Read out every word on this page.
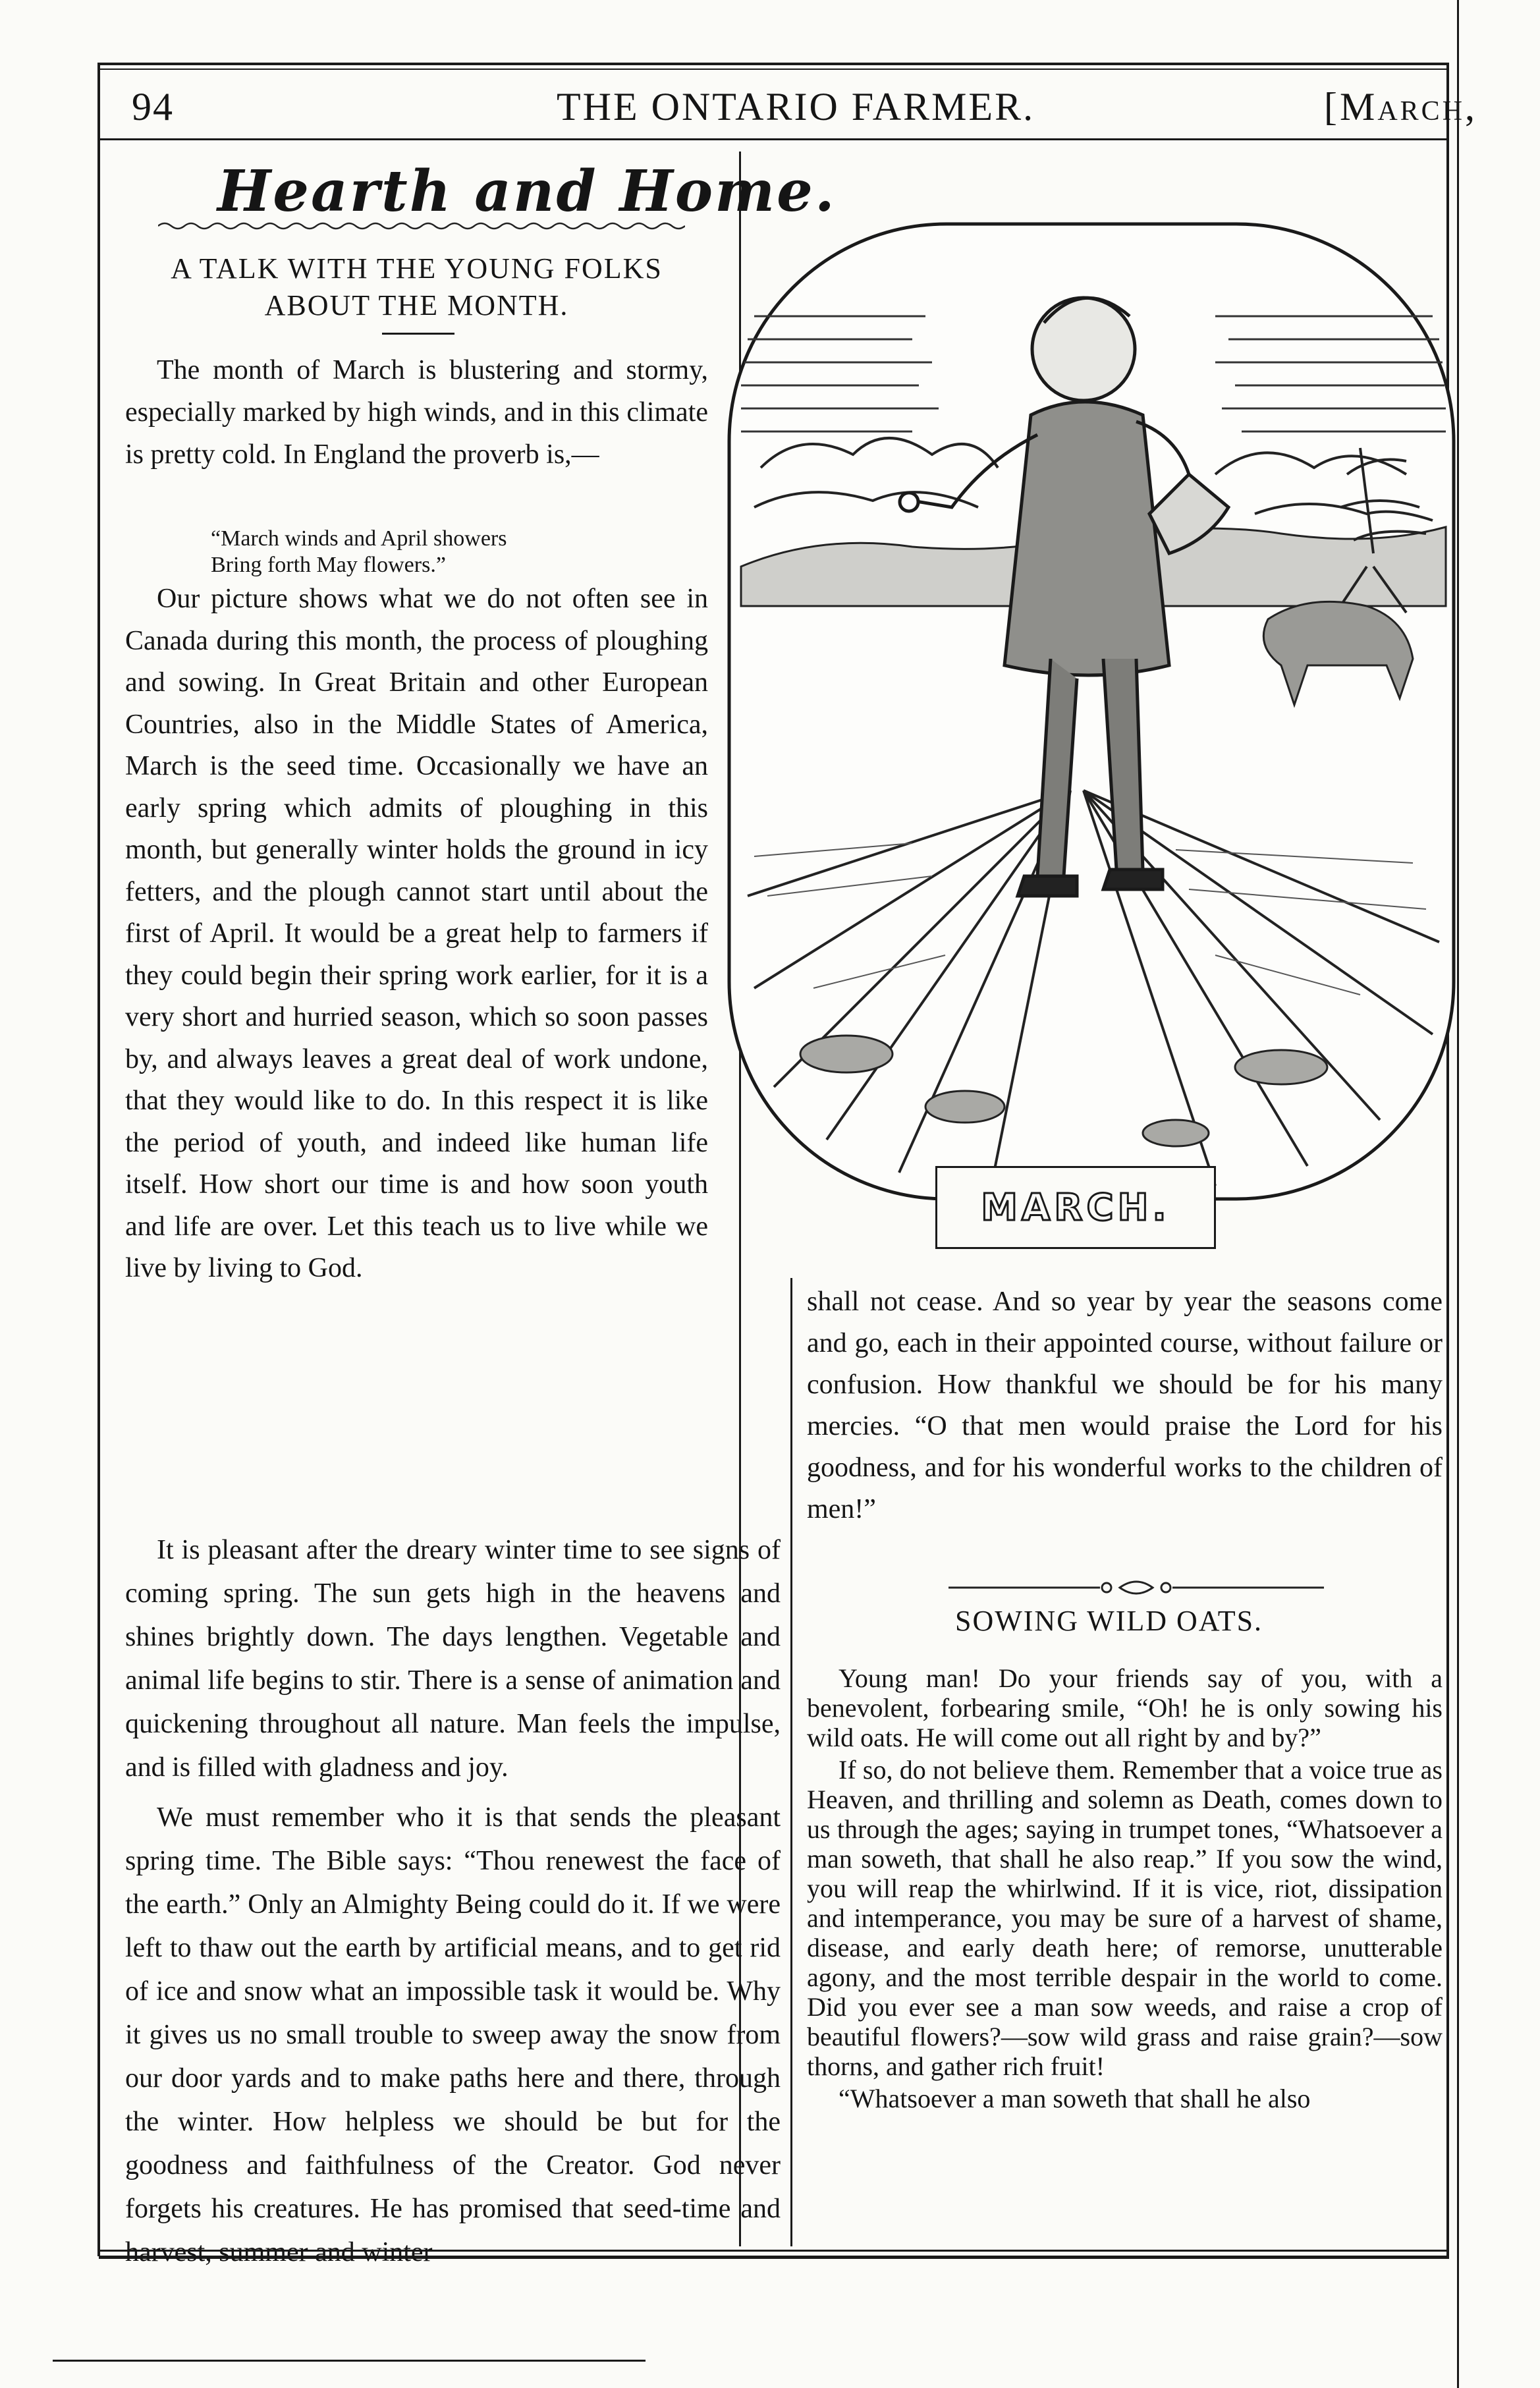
94	THE ONTARIO FARMER.	[March,
Hearth and Home.
A TALK WITH THE YOUNG FOLKS
ABOUT THE MONTH.

The month of March is blustering and stormy, especially marked by high winds, and in this climate is pretty cold. In England the proverb is,—

“March winds and April showers
Bring forth May flowers.”

Our picture shows what we do not often see in Canada during this month, the process of ploughing and sowing. In Great Britain and other European Countries, also in the Middle States of America, March is the seed time. Occasionally we have an early spring which admits of ploughing in this month, but generally winter holds the ground in icy fetters, and the plough cannot start until about the first of April. It would be a great help to farmers if they could begin their spring work earlier, for it is a very short and hurried season, which so soon passes by, and always leaves a great deal of work undone, that they would like to do. In this respect it is like the period of youth, and indeed like human life itself. How short our time is and how soon youth and life are over. Let this teach us to live while we live by living to God.

It is pleasant after the dreary winter time to see signs of coming spring. The sun gets high in the heavens and shines brightly down. The days lengthen. Vegetable and animal life begins to stir. There is a sense of animation and quickening throughout all nature. Man feels the impulse, and is filled with gladness and joy.

We must remember who it is that sends the pleasant spring time. The Bible says: “Thou renewest the face of the earth.” Only an Almighty Being could do it. If we were left to thaw out the earth by artificial means, and to get rid of ice and snow what an impossible task it would be. Why it gives us no small trouble to sweep away the snow from our door yards and to make paths here and there, through the winter. How helpless we should be but for the goodness and faithfulness of the Creator. God never forgets his creatures. He has promised that seed-time and harvest, summer and winter

shall not cease. And so year by year the seasons come and go, each in their appointed course, without failure or confusion. How thankful we should be for his many mercies. “O that men would praise the Lord for his goodness, and for his wonderful works to the children of men!”

SOWING WILD OATS.

Young man! Do your friends say of you, with a benevolent, forbearing smile, “Oh! he is only sowing his wild oats. He will come out all right by and by?”

If so, do not believe them. Remember that a voice true as Heaven, and thrilling and solemn as Death, comes down to us through the ages; saying in trumpet tones, “Whatsoever a man soweth, that shall he also reap.” If you sow the wind, you will reap the whirlwind. If it is vice, riot, dissipation and intemperance, you may be sure of a harvest of shame, disease, and early death here; of remorse, unutterable agony, and the most terrible despair in the world to come. Did you ever see a man sow weeds, and raise a crop of beautiful flowers?—sow wild grass and raise grain?—sow thorns, and gather rich fruit!

“Whatsoever a man soweth that shall he also

MARCH.
